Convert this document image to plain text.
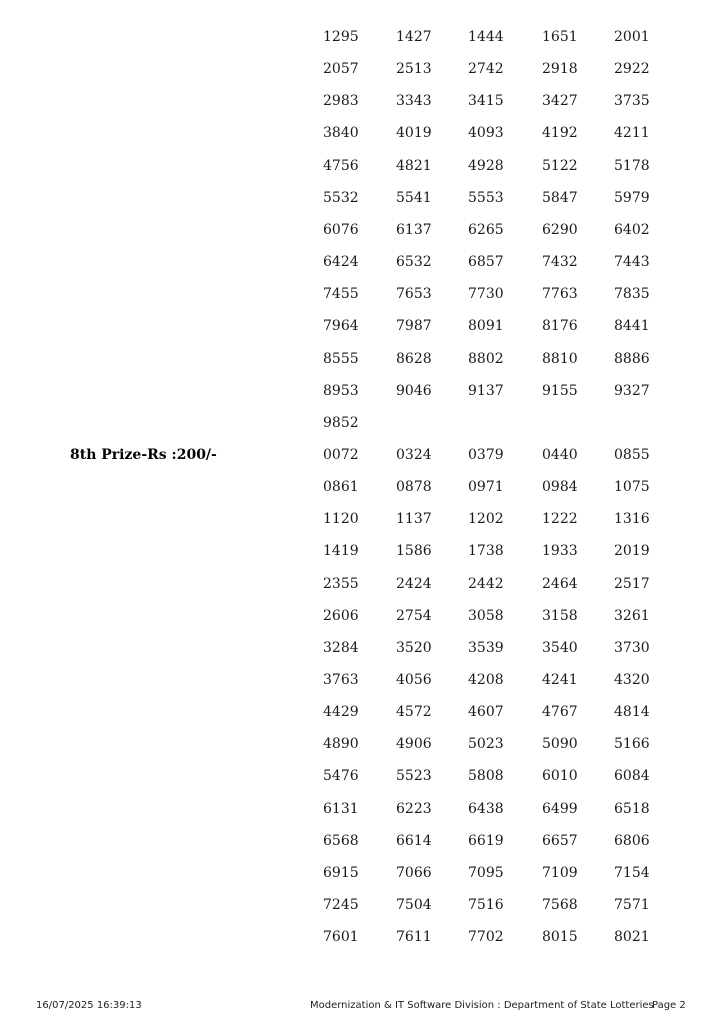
1295	1427	1444	1651	2001
2057	2513	2742	2918	2922
2983	3343	3415	3427	3735
3840	4019	4093	4192	4211
4756	4821	4928	5122	5178
5532	5541	5553	5847	5979
6076	6137	6265	6290	6402
6424	6532	6857	7432	7443
7455	7653	7730	7763	7835
7964	7987	8091	8176	8441
8555	8628	8802	8810	8886
8953	9046	9137	9155	9327
9852
8th Prize-Rs :200/-	0072	0324	0379	0440	0855
0861	0878	0971	0984	1075
1120	1137	1202	1222	1316
1419	1586	1738	1933	2019
2355	2424	2442	2464	2517
2606	2754	3058	3158	3261
3284	3520	3539	3540	3730
3763	4056	4208	4241	4320
4429	4572	4607	4767	4814
4890	4906	5023	5090	5166
5476	5523	5808	6010	6084
6131	6223	6438	6499	6518
6568	6614	6619	6657	6806
6915	7066	7095	7109	7154
7245	7504	7516	7568	7571
7601	7611	7702	8015	8021
16/07/2025 16:39:13	Modernization & IT Software Division : Department of State Lotteries
Page 2
